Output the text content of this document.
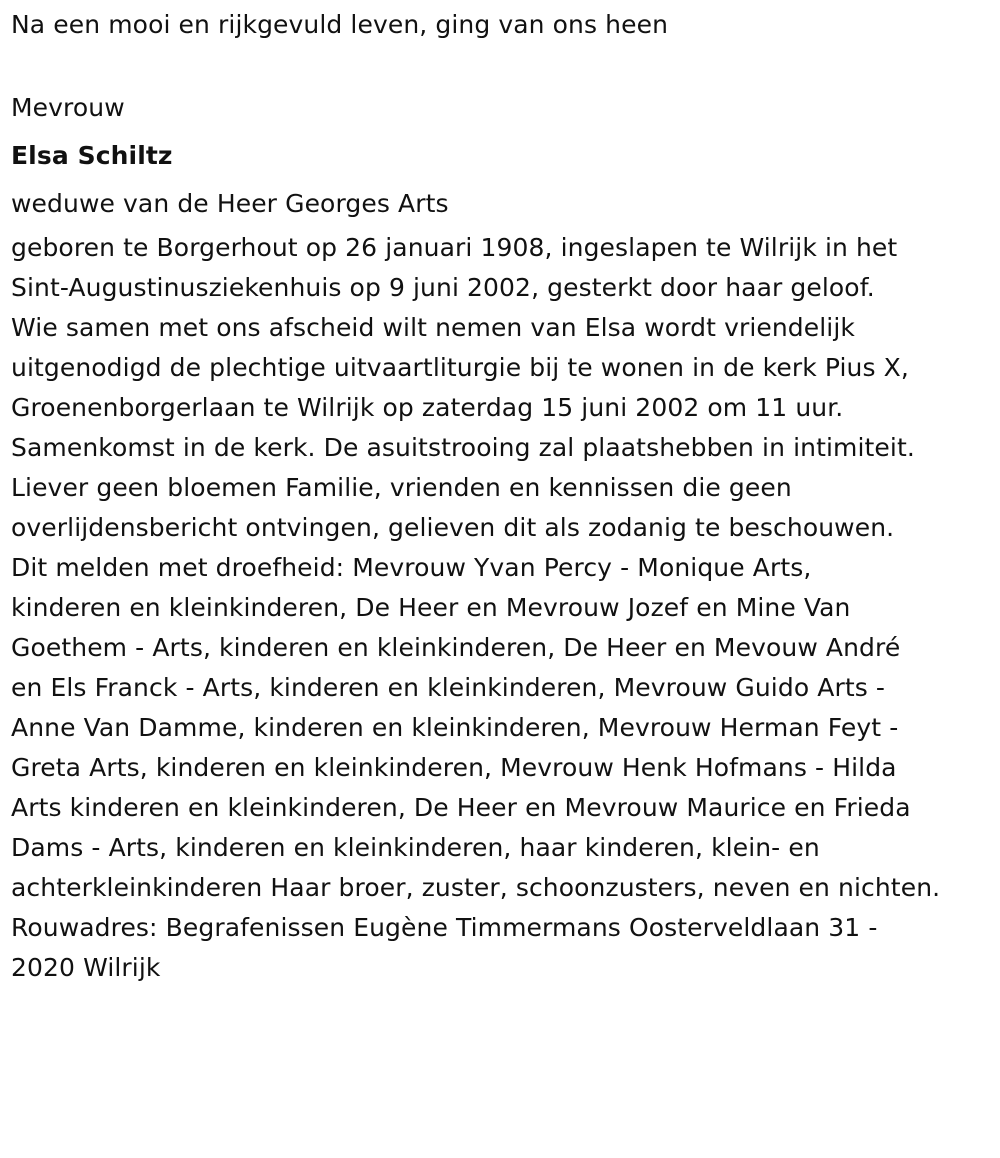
Na een mooi en rijkgevuld leven, ging van ons heen

Mevrouw

Elsa Schiltz

weduwe van de Heer Georges Arts

geboren te Borgerhout op 26 januari 1908, ingeslapen te Wilrijk in het

Sint-Augustinusziekenhuis op 9 juni 2002, gesterkt door haar geloof.

Wie samen met ons afscheid wilt nemen van Elsa wordt vriendelijk

uitgenodigd de plechtige uitvaartliturgie bij te wonen in de kerk Pius X,

Groenenborgerlaan te Wilrijk op zaterdag 15 juni 2002 om 11 uur.

Samenkomst in de kerk. De asuitstrooing zal plaatshebben in intimiteit.

Liever geen bloemen Familie, vrienden en kennissen die geen

overlijdensbericht ontvingen, gelieven dit als zodanig te beschouwen.

Dit melden met droefheid: Mevrouw Yvan Percy - Monique Arts,

kinderen en kleinkinderen, De Heer en Mevrouw Jozef en Mine Van

Goethem - Arts, kinderen en kleinkinderen, De Heer en Mevouw André

en Els Franck - Arts, kinderen en kleinkinderen, Mevrouw Guido Arts -

Anne Van Damme, kinderen en kleinkinderen, Mevrouw Herman Feyt -

Greta Arts, kinderen en kleinkinderen, Mevrouw Henk Hofmans - Hilda

Arts kinderen en kleinkinderen, De Heer en Mevrouw Maurice en Frieda

Dams - Arts, kinderen en kleinkinderen, haar kinderen, klein- en

achterkleinkinderen Haar broer, zuster, schoonzusters, neven en nichten.

Rouwadres: Begrafenissen Eugène Timmermans Oosterveldlaan 31 -

2020 Wilrijk
